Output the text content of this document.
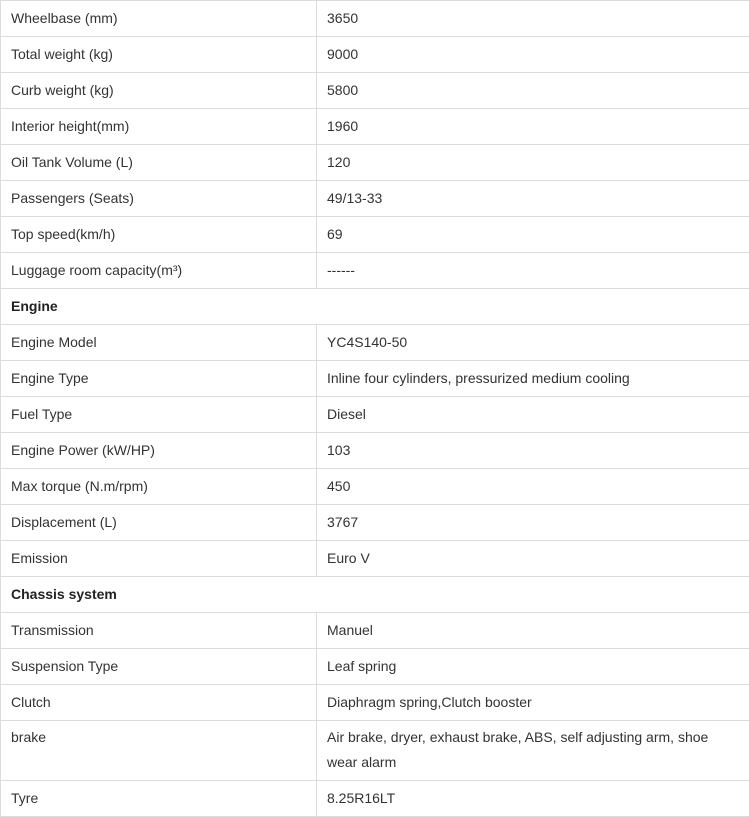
Wheelbase (mm)	3650
Total weight (kg)	9000
Curb weight (kg)	5800
Interior height(mm)	1960
Oil Tank Volume (L)	120
Passengers (Seats)	49/13-33
Top speed(km/h)	69
Luggage room capacity(m³)	------
Engine	
Engine Model	YC4S140-50
Engine Type	Inline four cylinders, pressurized medium cooling
Fuel Type	Diesel
Engine Power (kW/HP)	103
Max torque (N.m/rpm)	450
Displacement (L)	3767
Emission	Euro V
Chassis system	
Transmission	Manuel
Suspension Type	Leaf spring
Clutch	Diaphragm spring,Clutch booster
brake	Air brake, dryer, exhaust brake, ABS, self adjusting arm, shoe wear alarm
Tyre	8.25R16LT
